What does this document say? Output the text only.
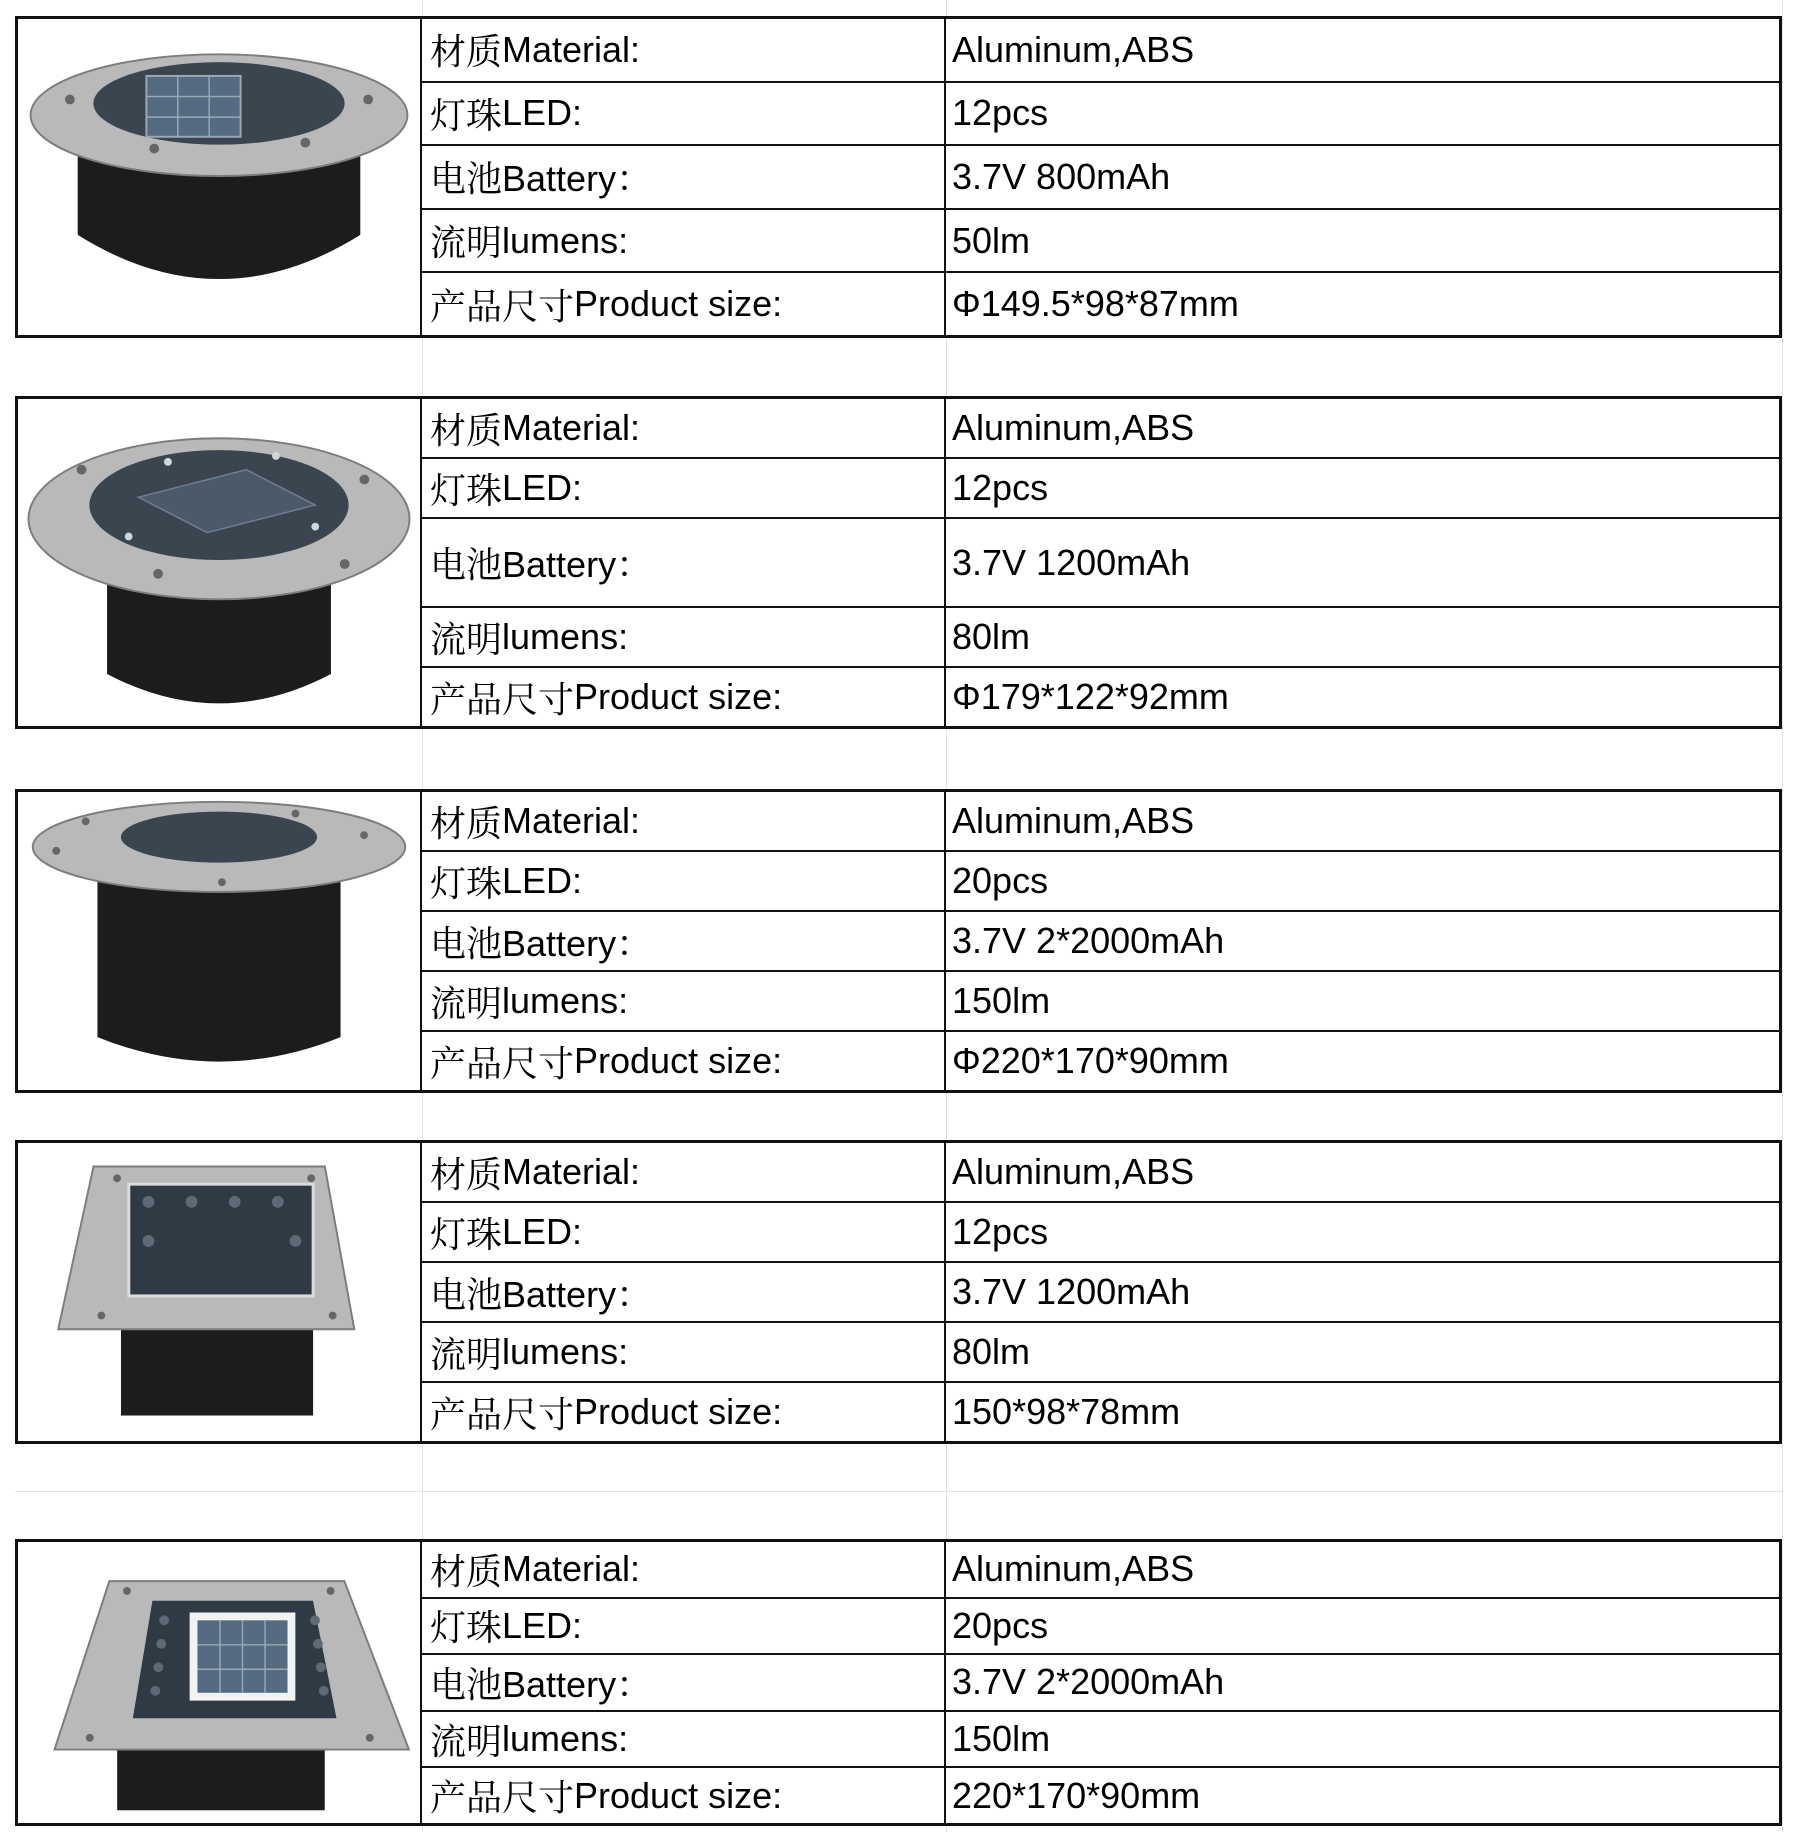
材质 Material:	Aluminum,ABS
灯珠 LED:	12pcs
电池 Battery：	3.7V 800mAh
流明 lumens:	50lm
产品尺寸 Product size:	Φ149.5*98*87mm
材质 Material:	Aluminum,ABS
灯珠 LED:	12pcs
电池 Battery：	3.7V 1200mAh
流明 lumens:	80lm
产品尺寸 Product size:	Φ179*122*92mm
材质 Material:	Aluminum,ABS
灯珠 LED:	20pcs
电池 Battery：	3.7V 2*2000mAh
流明 lumens:	150lm
产品尺寸 Product size:	Φ220*170*90mm
材质 Material:	Aluminum,ABS
灯珠 LED:	12pcs
电池 Battery：	3.7V 1200mAh
流明 lumens:	80lm
产品尺寸 Product size:	150*98*78mm
材质 Material:	Aluminum,ABS
灯珠 LED:	20pcs
电池 Battery：	3.7V 2*2000mAh
流明 lumens:	150lm
产品尺寸 Product size:	220*170*90mm
